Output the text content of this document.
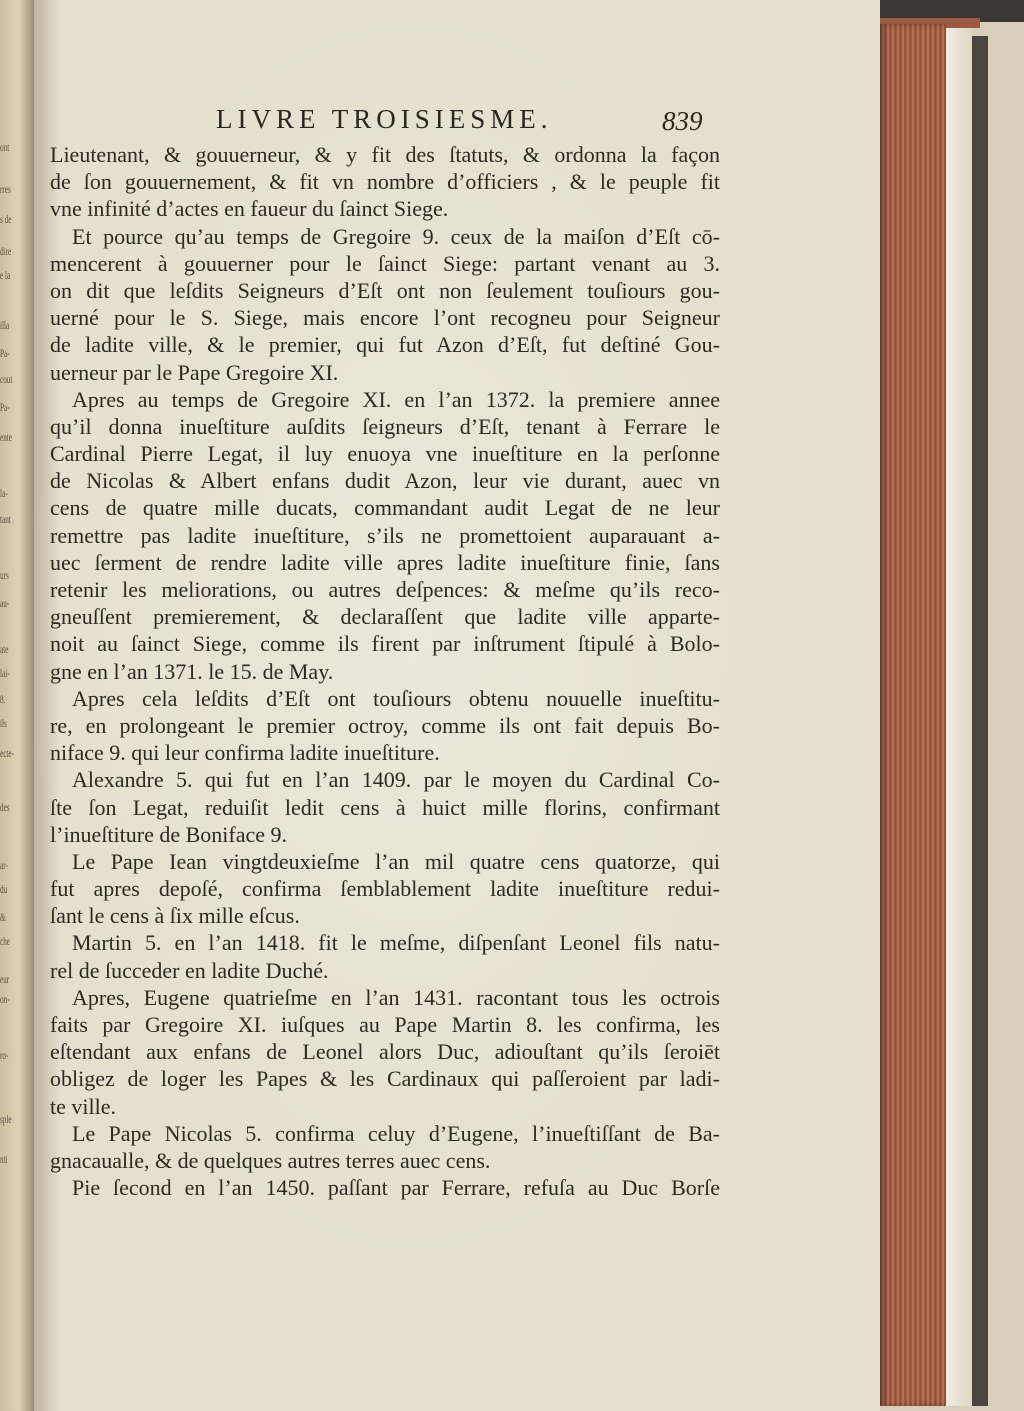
ont
rres
s de
dire
e la
illa
Pa-
cout
Pa-
ente
la-
tant
urs
au-
ate
lai-
8.
ils
ecte-
des
ar-
du
&
che
eur
on-
ro-
sple
nti
LIVRE TROISIESME.	839
Lieutenant, & gouuerneur, & y fit des ſtatuts, & ordonna la façon
de ſon gouuernement, & fit vn nombre d’officiers , & le peuple fit
vne infinité d’actes en faueur du ſainct Siege.
Et pource qu’au temps de Gregoire 9. ceux de la maiſon d’Eſt cō-
mencerent à gouuerner pour le ſainct Siege: partant venant au 3.
on dit que leſdits Seigneurs d’Eſt ont non ſeulement touſiours gou-
uerné pour le S. Siege, mais encore l’ont recogneu pour Seigneur
de ladite ville, & le premier, qui fut Azon d’Eſt, fut deſtiné Gou-
uerneur par le Pape Gregoire XI.
Apres au temps de Gregoire XI. en l’an 1372. la premiere annee
qu’il donna inueſtiture auſdits ſeigneurs d’Eſt, tenant à Ferrare le
Cardinal Pierre Legat, il luy enuoya vne inueſtiture en la perſonne
de Nicolas & Albert enfans dudit Azon, leur vie durant, auec vn
cens de quatre mille ducats, commandant audit Legat de ne leur
remettre pas ladite inueſtiture, s’ils ne promettoient auparauant a-
uec ſerment de rendre ladite ville apres ladite inueſtiture finie, ſans
retenir les meliorations, ou autres deſpences: & meſme qu’ils reco-
gneuſſent premierement, & declaraſſent que ladite ville apparte-
noit au ſainct Siege, comme ils firent par inſtrument ſtipulé à Bolo-
gne en l’an 1371. le 15. de May.
Apres cela leſdits d’Eſt ont touſiours obtenu nouuelle inueſtitu-
re, en prolongeant le premier octroy, comme ils ont fait depuis Bo-
niface 9. qui leur confirma ladite inueſtiture.
Alexandre 5. qui fut en l’an 1409. par le moyen du Cardinal Co-
ſte ſon Legat, reduiſit ledit cens à huict mille florins, confirmant
l’inueſtiture de Boniface 9.
Le Pape Iean vingtdeuxieſme l’an mil quatre cens quatorze, qui
fut apres depoſé, confirma ſemblablement ladite inueſtiture redui-
ſant le cens à ſix mille eſcus.
Martin 5. en l’an 1418. fit le meſme, diſpenſant Leonel fils natu-
rel de ſucceder en ladite Duché.
Apres, Eugene quatrieſme en l’an 1431. racontant tous les octrois
faits par Gregoire XI. iuſques au Pape Martin 8. les confirma, les
eſtendant aux enfans de Leonel alors Duc, adiouſtant qu’ils ſeroiēt
obligez de loger les Papes & les Cardinaux qui paſſeroient par ladi-
te ville.
Le Pape Nicolas 5. confirma celuy d’Eugene, l’inueſtiſſant de Ba-
gnacaualle, & de quelques autres terres auec cens.
Pie ſecond en l’an 1450. paſſant par Ferrare, refuſa au Duc Borſe
